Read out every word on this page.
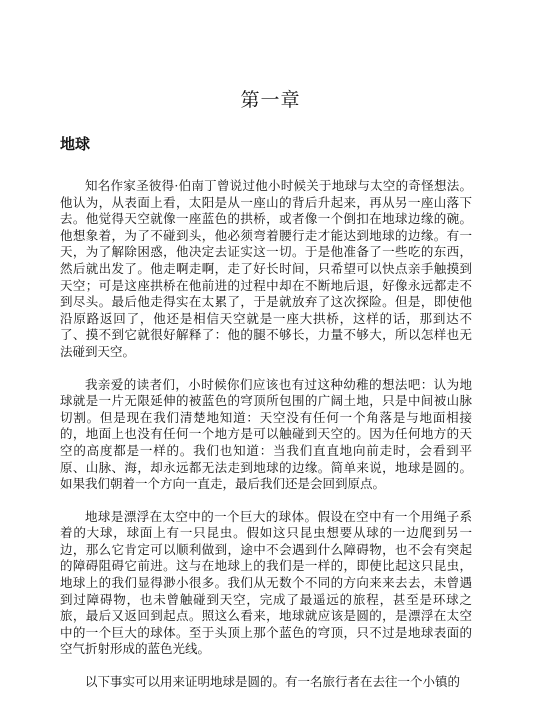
第一章
地球

知名作家圣彼得·伯南丁曾说过他小时候关于地球与太空的奇怪想法。他认为，从表面上看，太阳是从一座山的背后升起来，再从另一座山落下去。他觉得天空就像一座蓝色的拱桥，或者像一个倒扣在地球边缘的碗。他想象着，为了不碰到头，他必须弯着腰行走才能达到地球的边缘。有一天，为了解除困惑，他决定去证实这一切。于是他准备了一些吃的东西，然后就出发了。他走啊走啊，走了好长时间，只希望可以快点亲手触摸到天空；可是这座拱桥在他前进的过程中却在不断地后退，好像永远都走不到尽头。最后他走得实在太累了，于是就放弃了这次探险。但是，即使他沿原路返回了，他还是相信天空就是一座大拱桥，这样的话，那到达不了、摸不到它就很好解释了：他的腿不够长，力量不够大，所以怎样也无法碰到天空。

我亲爱的读者们，小时候你们应该也有过这种幼稚的想法吧：认为地球就是一片无限延伸的被蓝色的穹顶所包围的广阔土地，只是中间被山脉切割。但是现在我们清楚地知道：天空没有任何一个角落是与地面相接的，地面上也没有任何一个地方是可以触碰到天空的。因为任何地方的天空的高度都是一样的。我们也知道：当我们直直地向前走时，会看到平原、山脉、海，却永远都无法走到地球的边缘。简单来说，地球是圆的。如果我们朝着一个方向一直走，最后我们还是会回到原点。

地球是漂浮在太空中的一个巨大的球体。假设在空中有一个用绳子系着的大球，球面上有一只昆虫。假如这只昆虫想要从球的一边爬到另一边，那么它肯定可以顺利做到，途中不会遇到什么障碍物，也不会有突起的障碍阻碍它前进。这与在地球上的我们是一样的，即使比起这只昆虫，地球上的我们显得渺小很多。我们从无数个不同的方向来来去去，未曾遇到过障碍物，也未曾触碰到天空，完成了最遥远的旅程，甚至是环球之旅，最后又返回到起点。照这么看来，地球就应该是圆的，是漂浮在太空中的一个巨大的球体。至于头顶上那个蓝色的穹顶，只不过是地球表面的空气折射形成的蓝色光线。

以下事实可以用来证明地球是圆的。有一名旅行者在去往一个小镇的
